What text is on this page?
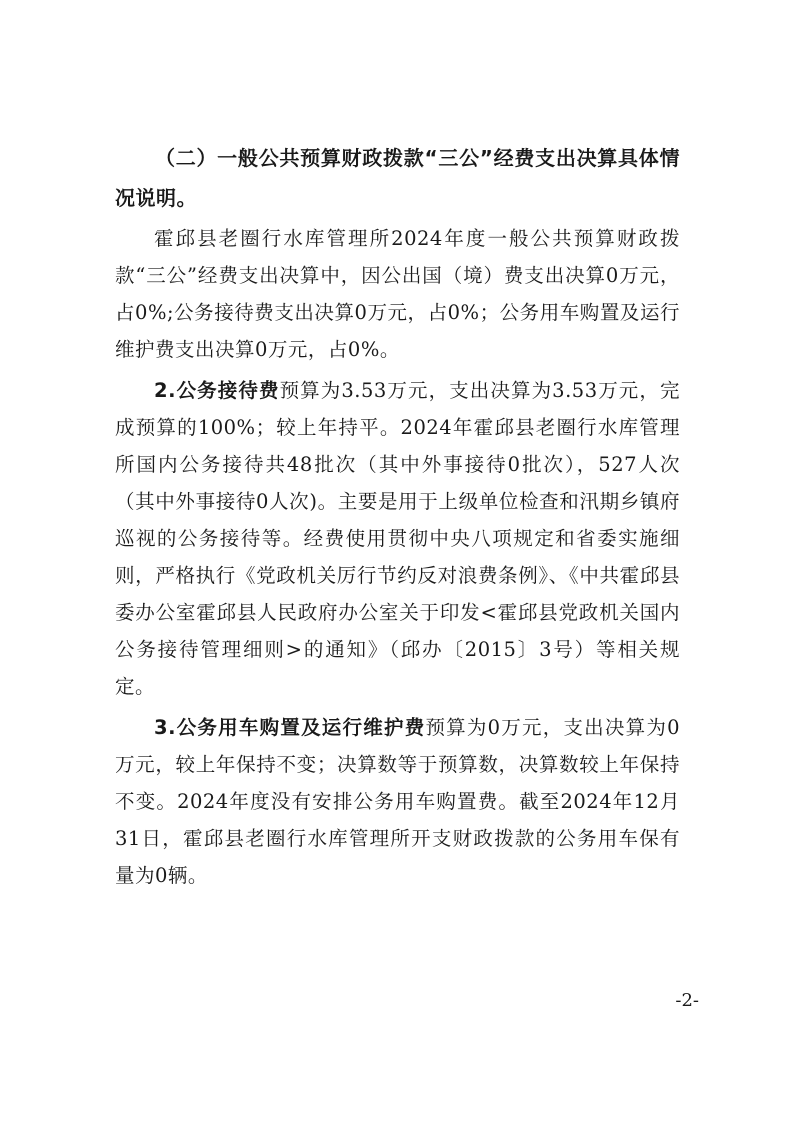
（二）一般公共预算财政拨款“三公”经费支出决算具体情况说明。

霍邱县老圈行水库管理所2024年度一般公共预算财政拨款“三公”经费支出决算中，因公出国（境）费支出决算0万元，占0%;公务接待费支出决算0万元，占0%；公务用车购置及运行维护费支出决算0万元，占0%。

2.公务接待费预算为3.53万元，支出决算为3.53万元，完成预算的100%；较上年持平。2024年霍邱县老圈行水库管理所国内公务接待共48批次（其中外事接待0批次），527人次（其中外事接待0人次)。主要是用于上级单位检查和汛期乡镇府巡视的公务接待等。经费使用贯彻中央八项规定和省委实施细则，严格执行《党政机关厉行节约反对浪费条例》、《中共霍邱县委办公室霍邱县人民政府办公室关于印发<霍邱县党政机关国内公务接待管理细则>的通知》（邱办〔2015〕3号）等相关规定。

3.公务用车购置及运行维护费预算为0万元，支出决算为0万元，较上年保持不变；决算数等于预算数，决算数较上年保持不变。2024年度没有安排公务用车购置费。截至2024年12月31日，霍邱县老圈行水库管理所开支财政拨款的公务用车保有量为0辆。

-2-
